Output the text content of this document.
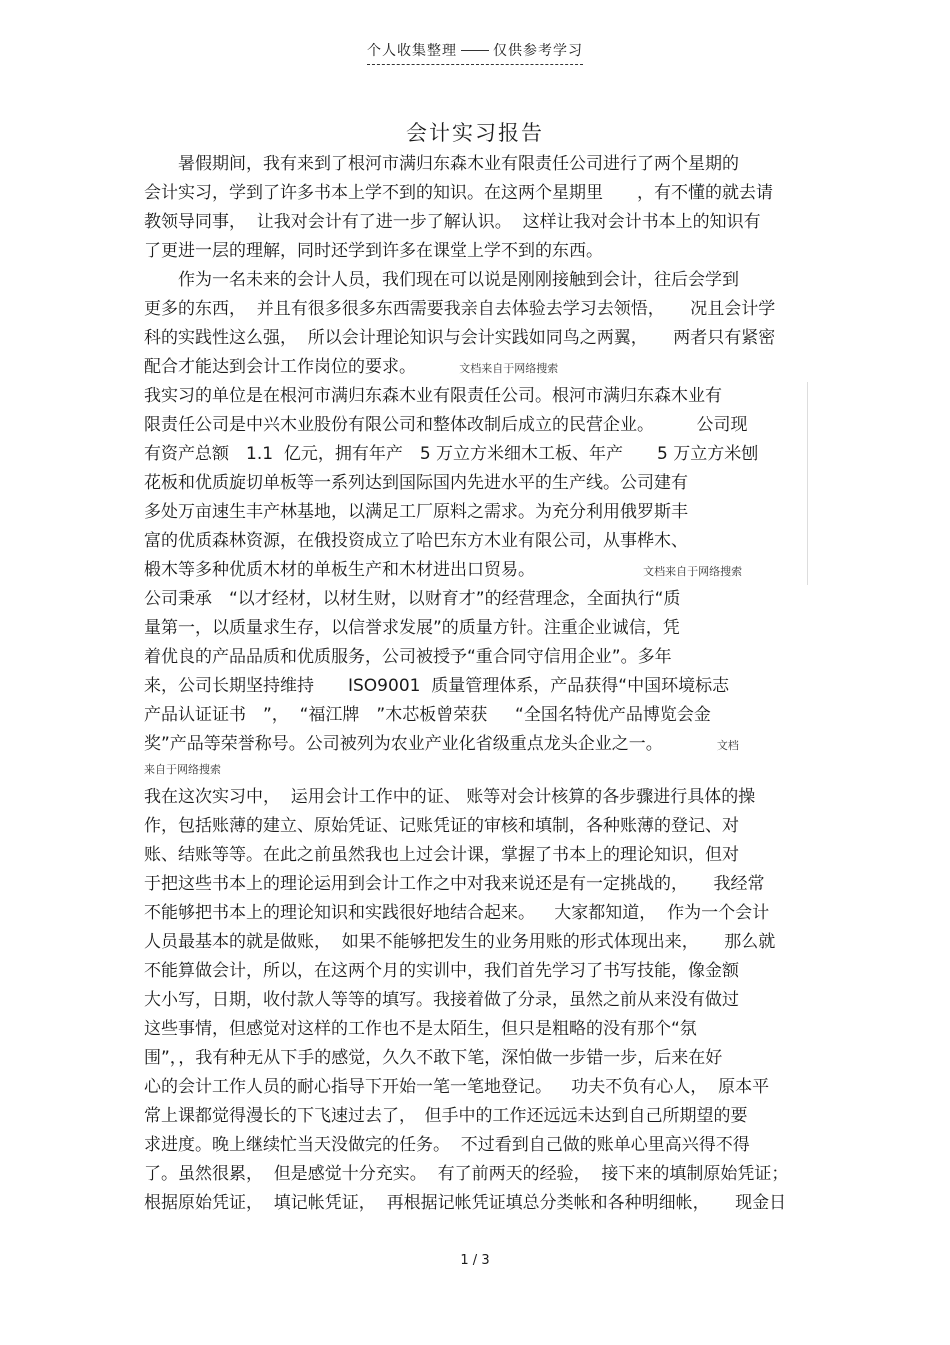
个人收集整理	仅供参考学习
会计实习报告
暑假期间，我有来到了根河市满归东森木业有限责任公司进行了两个星期的
会计实习，学到了许多书本上学不到的知识。在这两个星期里　　，有不懂的就去请
教领导同事，  让我对会计有了进一步了解认识。  这样让我对会计书本上的知识有
了更进一层的理解，同时还学到许多在课堂上学不到的东西。
作为一名未来的会计人员，我们现在可以说是刚刚接触到会计，往后会学到
更多的东西，  并且有很多很多东西需要我亲自去体验去学习去领悟，　　况且会计学
科的实践性这么强，  所以会计理论知识与会计实践如同鸟之两翼，　　两者只有紧密
配合才能达到会计工作岗位的要求。	文档来自于网络搜索
我实习的单位是在根河市满归东森木业有限责任公司。根河市满归东森木业有
限责任公司是中兴木业股份有限公司和整体改制后成立的民营企业。　　　公司现
有资产总额　1.1  亿元，拥有年产　5 万立方米细木工板、年产　　5 万立方米刨
花板和优质旋切单板等一系列达到国际国内先进水平的生产线。公司建有
多处万亩速生丰产林基地，以满足工厂原料之需求。为充分利用俄罗斯丰
富的优质森林资源，在俄投资成立了哈巴东方木业有限公司，从事桦木、
椴木等多种优质木材的单板生产和木材进出口贸易。	文档来自于网络搜索
公司秉承　“以才经材，以材生财，以财育才”的经营理念，全面执行“质
量第一，以质量求生存，以信誉求发展”的质量方针。注重企业诚信，凭
着优良的产品品质和优质服务，公司被授予“重合同守信用企业”。多年
来，公司长期坚持维持　　ISO9001  质量管理体系，产品获得“中国环境标志
产品认证证书　”，  “福江牌　”木芯板曾荣获　  “全国名特优产品博览会金
奖”产品等荣誉称号。公司被列为农业产业化省级重点龙头企业之一。	文档
来自于网络搜索
我在这次实习中，  运用会计工作中的证、 账等对会计核算的各步骤进行具体的操
作，包括账薄的建立、原始凭证、记账凭证的审核和填制，各种账薄的登记、对
账、结账等等。在此之前虽然我也上过会计课，掌握了书本上的理论知识，但对
于把这些书本上的理论运用到会计工作之中对我来说还是有一定挑战的，　　我经常
不能够把书本上的理论知识和实践很好地结合起来。　  大家都知道，  作为一个会计
人员最基本的就是做账，  如果不能够把发生的业务用账的形式体现出来，　　那么就
不能算做会计，所以，在这两个月的实训中，我们首先学习了书写技能，像金额
大小写，日期，收付款人等等的填写。我接着做了分录，虽然之前从来没有做过
这些事情，但感觉对这样的工作也不是太陌生，但只是粗略的没有那个“氛
围”，，我有种无从下手的感觉，久久不敢下笔，深怕做一步错一步，后来在好
心的会计工作人员的耐心指导下开始一笔一笔地登记。　  功夫不负有心人，  原本平
常上课都觉得漫长的下飞速过去了，　但手中的工作还远远未达到自己所期望的要
求进度。晚上继续忙当天没做完的任务。  不过看到自己做的账单心里高兴得不得
了。虽然很累，  但是感觉十分充实。  有了前两天的经验，  接下来的填制原始凭证；
根据原始凭证，  填记帐凭证，  再根据记帐凭证填总分类帐和各种明细帐，　　现金日
1 / 3
